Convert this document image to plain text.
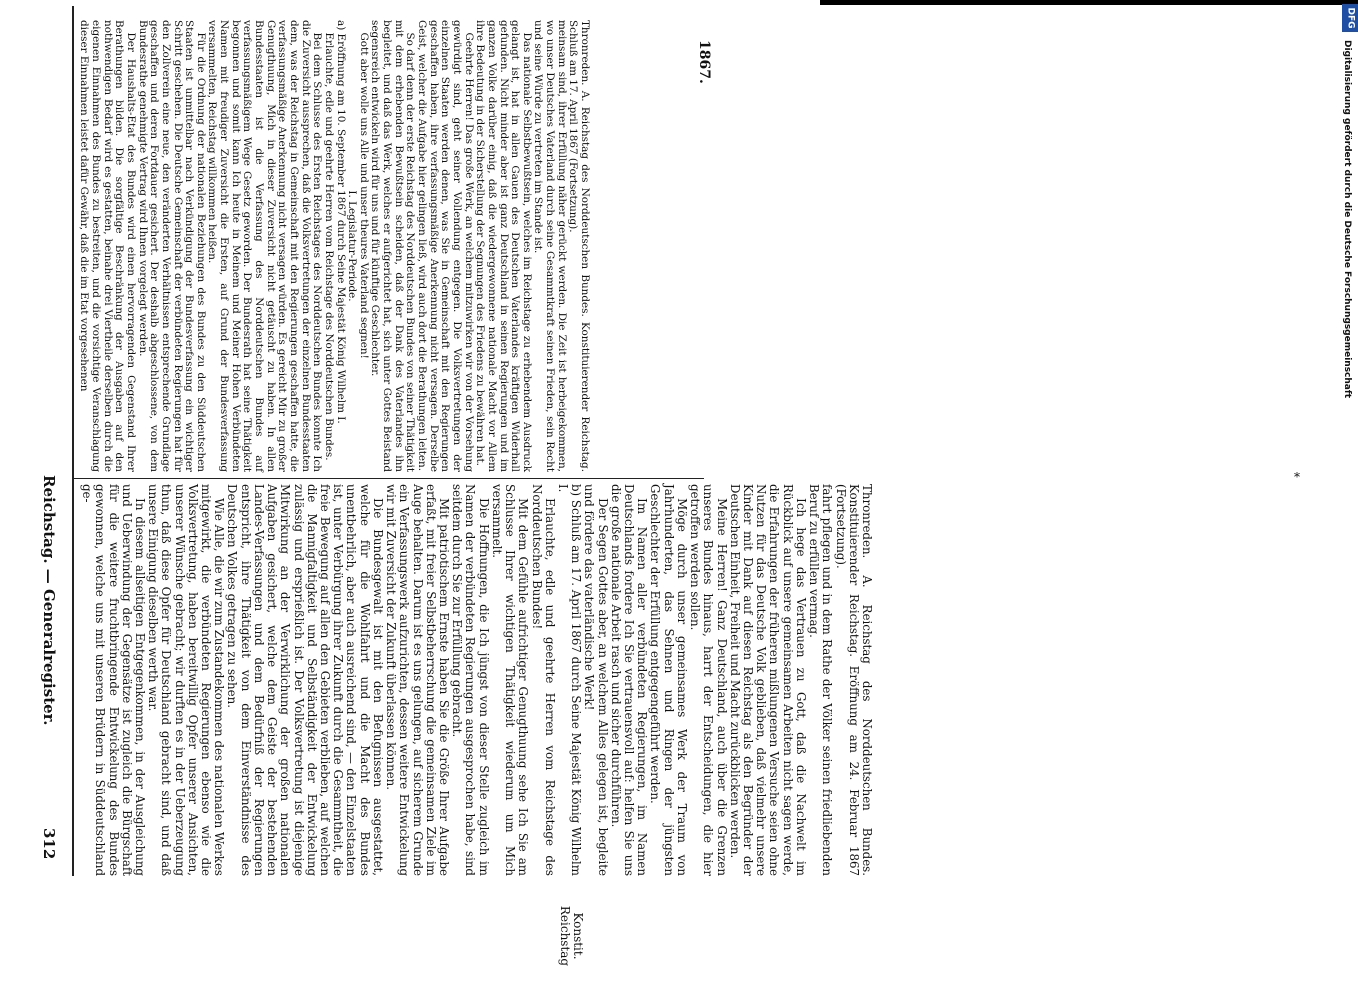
312
Reichstag. — Generalregister.
1867.
Konstit.
Reichstag

Thronreden. A. Reichstag des Norddeutschen Bundes. Konstituierender Reichstag. Eröffnung am 24. Februar 1867 (Fortsetzung).

fahrt pflegen und in dem Rathe der Völker seinen friedliebenden Beruf zu erfüllen vermag.

Ich hege das Vertrauen zu Gott, daß die Nachwelt im Rückblick auf unsere gemeinsamen Arbeiten nicht sagen werde, die Erfahrungen der früheren mißlungenen Versuche seien ohne Nutzen für das Deutsche Volk geblieben, daß vielmehr unsere Kinder mit Dank auf diesen Reichstag als den Begründer der Deutschen Einheit, Freiheit und Macht zurückblicken werden.

Meine Herren! Ganz Deutschland, auch über die Grenzen unseres Bundes hinaus, harrt der Entscheidungen, die hier getroffen werden sollen.

Möge durch unser gemeinsames Werk der Traum von Jahrhunderten, das Sehnen und Ringen der jüngsten Geschlechter der Erfüllung entgegengeführt werden.

Im Namen aller verbündeten Regierungen, im Namen Deutschlands fordere Ich Sie vertrauensvoll auf: helfen Sie uns die große nationale Arbeit rasch und sicher durchführen.

Der Segen Gottes aber, an welchem Alles gelegen ist, begleite und fördere das vaterländische Werk!

b) Schluß am 17. April 1867 durch Seine Majestät König Wilhelm I.

Erlauchte, edle und geehrte Herren vom Reichstage des Norddeutschen Bundes!

Mit dem Gefühle aufrichtiger Genugthuung sehe Ich Sie am Schlusse Ihrer wichtigen Thätigkeit wiederum um Mich versammelt.

Die Hoffnungen, die Ich jüngst von dieser Stelle zugleich im Namen der verbündeten Regierungen ausgesprochen habe, sind seitdem durch Sie zur Erfüllung gebracht.

Mit patriotischem Ernste haben Sie die Größe Ihrer Aufgabe erfaßt, mit freier Selbstbeherrschung die gemeinsamen Ziele im Auge behalten. Darum ist es uns gelungen, auf sicherem Grunde ein Verfassungswerk aufzurichten, dessen weitere Entwickelung wir mit Zuversicht der Zukunft überlassen können.

Die Bundesgewalt ist mit den Befugnissen ausgestattet, welche für die Wohlfahrt und die Macht des Bundes unentbehrlich, aber auch ausreichend sind, — den Einzelstaaten ist, unter Verbürgung ihrer Zukunft durch die Gesammtheit, die freie Bewegung auf allen den Gebieten verblieben, auf welchen die Mannigfaltigkeit und Selbständigkeit der Entwickelung zulässig und ersprießlich ist. Der Volksvertretung ist diejenige Mitwirkung an der Verwirklichung der großen nationalen Aufgaben gesichert, welche dem Geiste der bestehenden Landes-Verfassungen und dem Bedürfniß der Regierungen entspricht, ihre Thätigkeit von dem Einverständnisse des Deutschen Volkes getragen zu sehen.

Wie Alle, die wir zum Zustandekommen des nationalen Werkes mitgewirkt, die verbündeten Regierungen ebenso wie die Volksvertretung, haben bereitwillig Opfer unserer Ansichten, unserer Wünsche gebracht; wir durften es in der Ueberzeugung thun, daß diese Opfer für Deutschland gebracht sind, und daß unsere Einigung dieselben werth war.

In diesem allseitigen Entgegenkommen, in der Ausgleichung und Ueberwindung der Gegensätze ist zugleich die Bürgschaft für die weitere fruchtbringende Entwickelung des Bundes gewonnen, welche uns mit unseren Brüdern in Süddeutschland ge-

Thronreden. A. Reichstag des Norddeutschen Bundes. Konstituierender Reichstag. Schluß am 17. April 1867 (Fortsetzung).

meinsam sind, ihrer Erfüllung näher gerückt werden. Die Zeit ist herbeigekommen, wo unser Deutsches Vaterland durch seine Gesammtkraft seinen Frieden, sein Recht und seine Würde zu vertreten im Stande ist.

Das nationale Selbstbewußtsein, welches im Reichstage zu erhebendem Ausdruck gelangt ist, hat in allen Gauen des Deutschen Vaterlandes kräftigen Widerhall gefunden. Nicht minder aber ist ganz Deutschland in seinen Regierungen und im ganzen Volke darüber einig, daß die wiedergewonnene nationale Macht vor Allem ihre Bedeutung in der Sicherstellung der Segnungen des Friedens zu bewähren hat.

Geehrte Herren! Das große Werk, an welchem mitzuwirken wir von der Vorsehung gewürdigt sind, geht seiner Vollendung entgegen. Die Volksvertretungen der einzelnen Staaten werden denen, was Sie in Gemeinschaft mit den Regierungen geschaffen haben, ihre verfassungsmäßige Anerkennung nicht versagen. Derselbe Geist, welcher die Aufgabe hier gelingen ließ, wird auch dort die Berathungen leiten.

So darf denn der erste Reichstag des Norddeutschen Bundes von seiner Thätigkeit mit dem erhebenden Bewußtsein scheiden, daß der Dank des Vaterlandes ihn begleitet, und daß das Werk, welches er aufgerichtet hat, sich unter Gottes Beistand segensreich entwickeln wird für uns und für künftige Geschlechter.

Gott aber wolle uns Alle und unser theures Vaterland segnen!

I. Legislatur-Periode.

a) Eröffnung am 10. September 1867 durch Seine Majestät König Wilhelm I.

Erlauchte, edle und geehrte Herren vom Reichstage des Norddeutschen Bundes.

Bei dem Schlusse des Ersten Reichstages des Norddeutschen Bundes konnte Ich die Zuversicht aussprechen, daß die Volksvertretungen der einzelnen Bundesstaaten dem, was der Reichstag in Gemeinschaft mit den Regierungen geschaffen hatte, die verfassungsmäßige Anerkennung nicht versagen würden. Es gereicht Mir zu großer Genugthuung, Mich in dieser Zuversicht nicht getäuscht zu haben. In allen Bundesstaaten ist die Verfassung des Norddeutschen Bundes auf verfassungsmäßigem Wege Gesetz geworden. Der Bundesrath hat seine Thätigkeit begonnen und somit kann Ich heute in Meinem und Meiner Hohen Verbündeten Namen mit freudiger Zuversicht die Ersten, auf Grund der Bundesverfassung versammelten, Reichstag willkommen heißen.

Für die Ordnung der nationalen Beziehungen des Bundes zu den Süddeutschen Staaten ist unmittelbar nach Verkündigung der Bundesverfassung ein wichtiger Schritt geschehen. Die Deutsche Gemeinschaft der verbündeten Regierungen hat für den Zollverein eine neue, den veränderten Verhältnissen entsprechende Grundlage geschaffen und deren Fortdauer gesichert. Der deshalb abgeschlossene, von dem Bundesrathe genehmigte Vertrag wird Ihnen vorgelegt werden.

Der Haushalts-Etat des Bundes wird einen hervorragenden Gegenstand Ihrer Berathungen bilden. Die sorgfältige Beschränkung der Ausgaben auf den nothwendigen Bedarf wird es gestatten, beinahe drei Viertheile derselben durch die eigenen Einnahmen des Bundes zu bestreiten, und die vorsichtige Veranschlagung dieser Einnahmen leistet dafür Gewähr, daß die im Etat vorgesehenen

*
DFG
Digitalisierung gefördert durch die Deutsche Forschungsgemeinschaft
